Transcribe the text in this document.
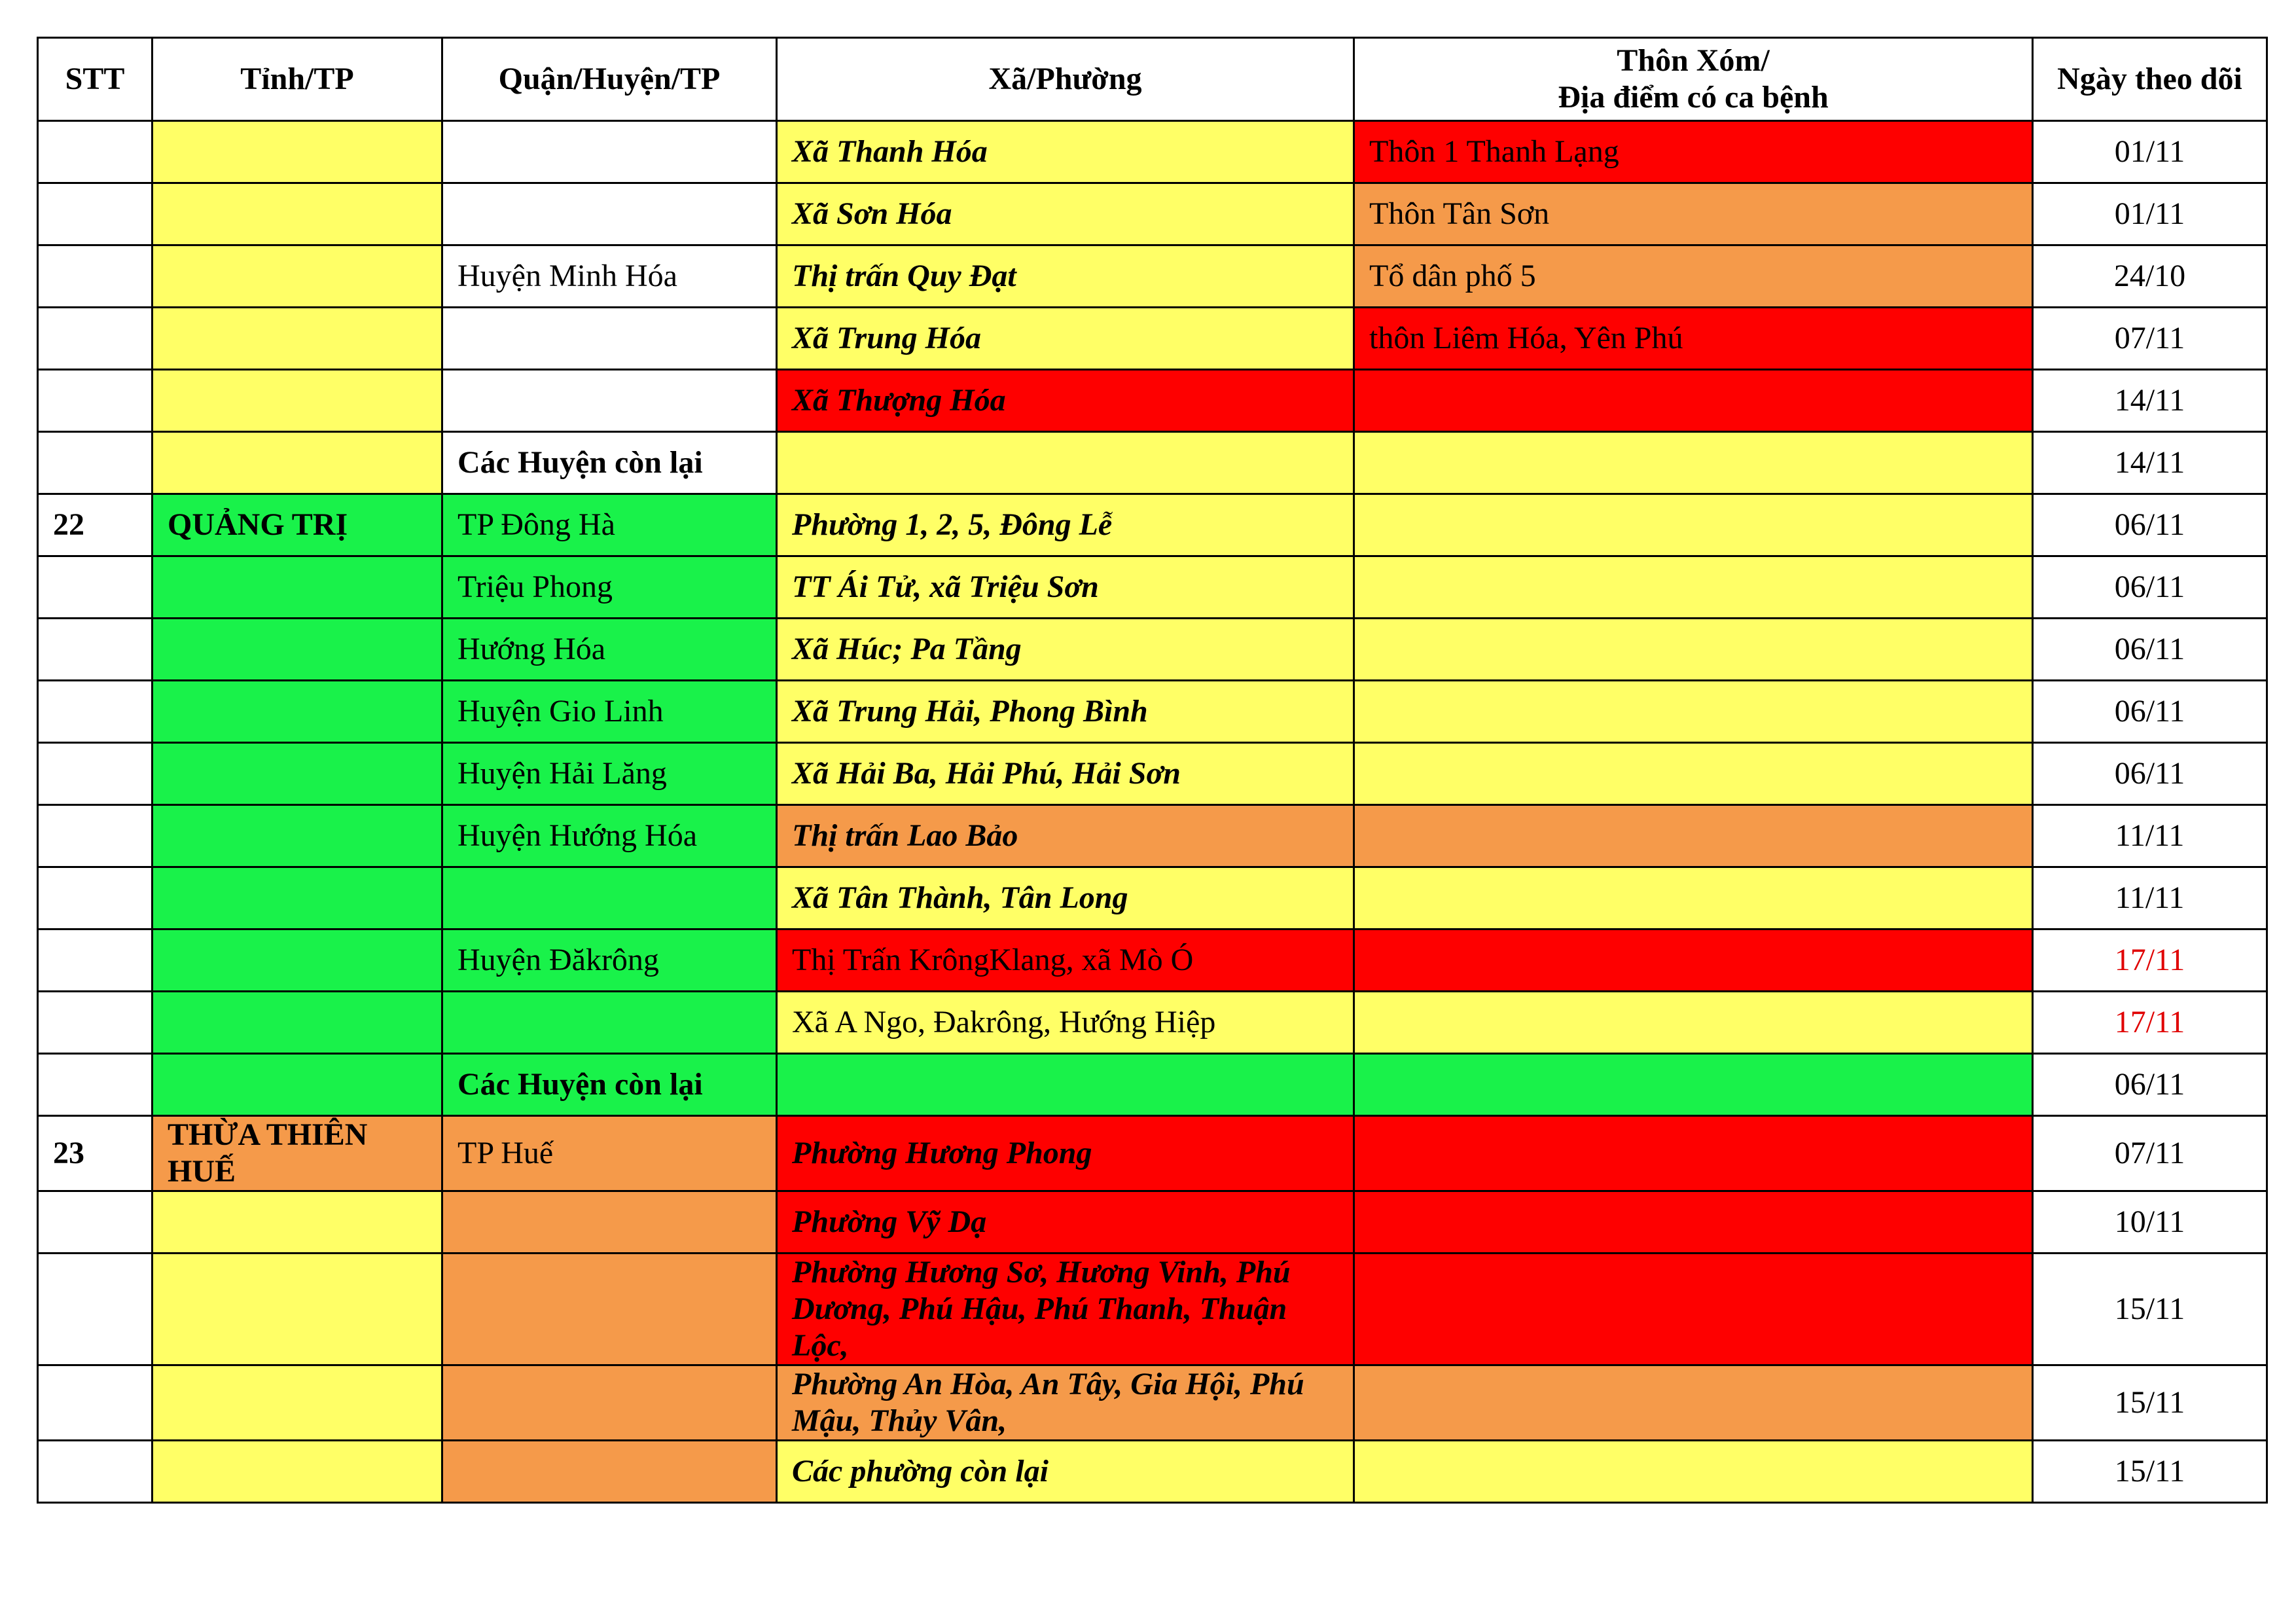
STT	Tỉnh/TP	Quận/Huyện/TP	Xã/Phường	Thôn Xóm/
Địa điểm có ca bệnh	Ngày theo dõi
			Xã Thanh Hóa	Thôn 1 Thanh Lạng	01/11
			Xã Sơn Hóa	Thôn Tân Sơn	01/11
		Huyện Minh Hóa	Thị trấn Quy Đạt	Tổ dân phố 5	24/10
			Xã Trung Hóa	thôn Liêm Hóa, Yên Phú	07/11
			Xã Thượng Hóa		14/11
		Các Huyện còn lại			14/11
22	QUẢNG TRỊ	TP Đông Hà	Phường 1, 2, 5, Đông Lễ		06/11
		Triệu Phong	TT Ái Tử, xã Triệu Sơn		06/11
		Hướng Hóa	Xã Húc; Pa Tầng		06/11
		Huyện Gio Linh	Xã Trung Hải, Phong Bình		06/11
		Huyện Hải Lăng	Xã Hải Ba, Hải Phú, Hải Sơn		06/11
		Huyện Hướng Hóa	Thị trấn Lao Bảo		11/11
			Xã Tân Thành, Tân Long		11/11
		Huyện Đăkrông	Thị Trấn KrôngKlang, xã Mò Ó		17/11
			Xã A Ngo, Đakrông, Hướng Hiệp		17/11
		Các Huyện còn lại			06/11
23	THỪA THIÊN HUẾ	TP Huế	Phường Hương Phong		07/11
			Phường Vỹ Dạ		10/11
			Phường Hương Sơ, Hương Vinh, Phú Dương, Phú Hậu, Phú Thanh, Thuận Lộc,		15/11
			Phường An Hòa, An Tây, Gia Hội, Phú Mậu, Thủy Vân,		15/11
			Các phường còn lại		15/11
